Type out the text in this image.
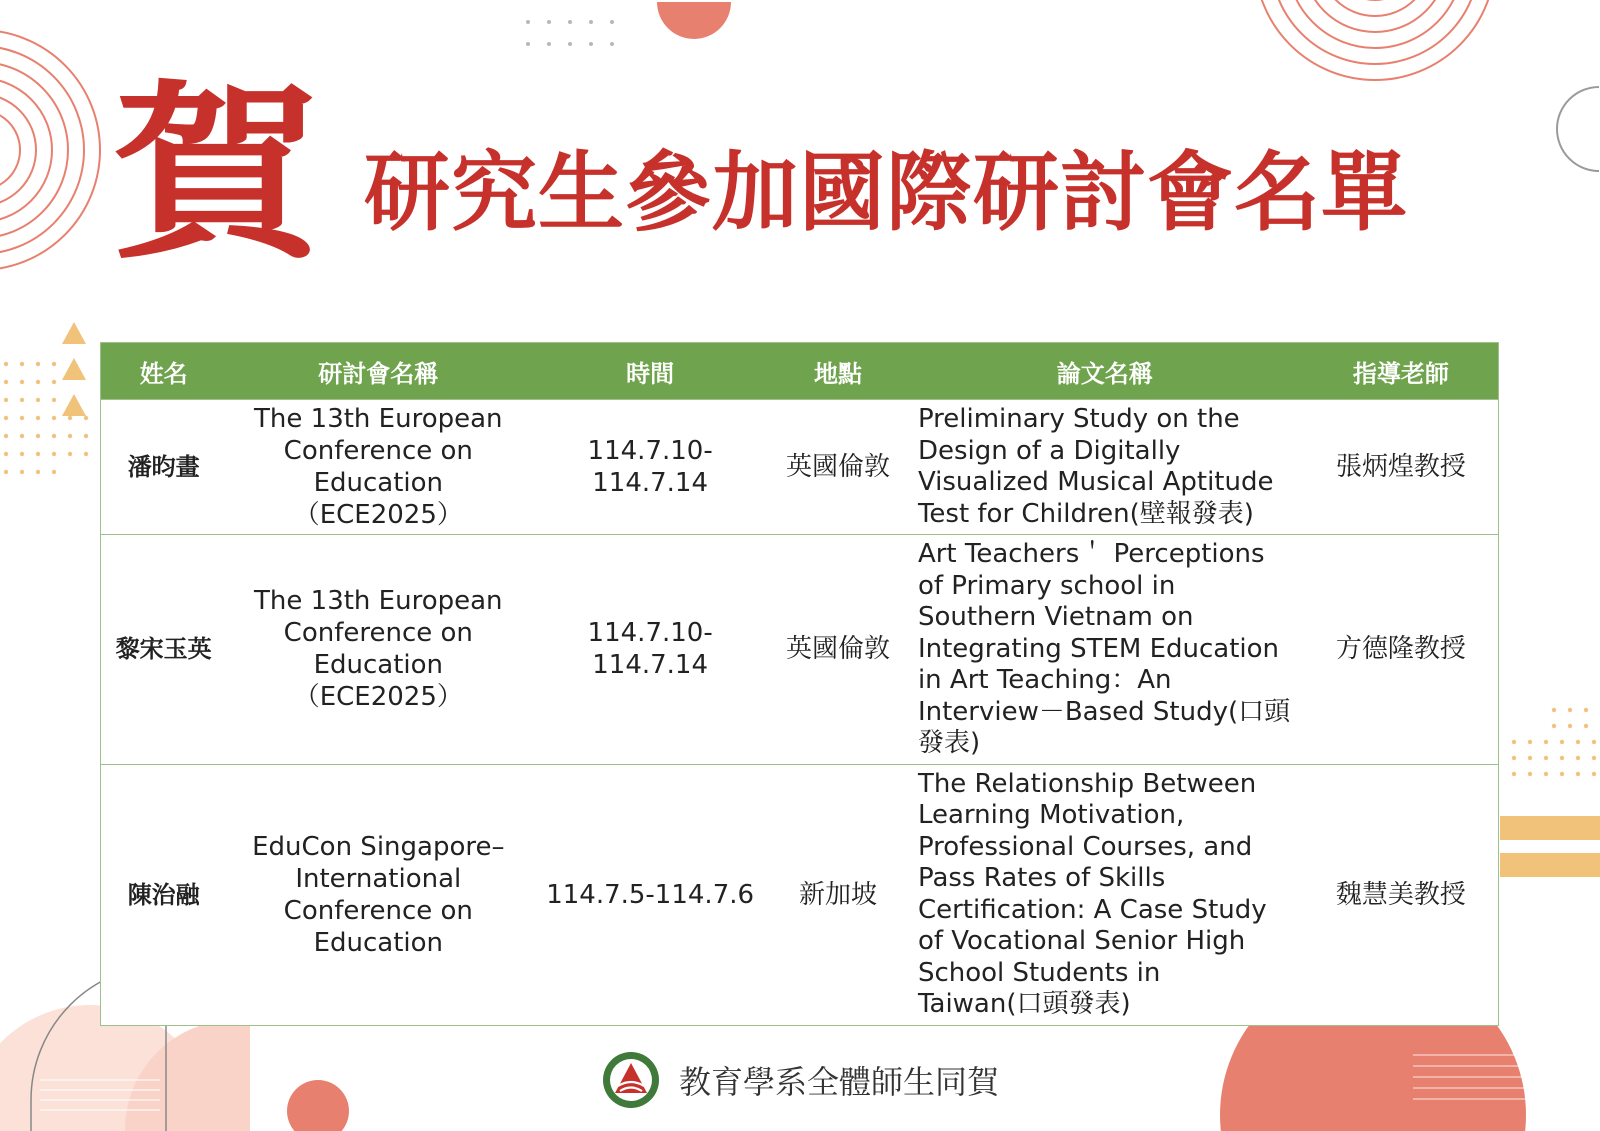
賀 研究生參加國際研討會名單
姓名	研討會名稱	時間	地點	論文名稱	指導老師
潘昀畫	The 13th European Conference on Education （ECE2025）	114.7.10-114.7.14	英國倫敦	Preliminary Study on the Design of a Digitally Visualized Musical Aptitude Test for Children(壁報發表)	張炳煌教授
黎宋玉英	The 13th European Conference on Education （ECE2025）	114.7.10-114.7.14	英國倫敦	Art Teachers＇ Perceptions of Primary school in Southern Vietnam on Integrating STEM Education in Art Teaching：An Interview－Based Study(口頭發表)	方德隆教授
陳治融	EduCon Singapore– International Conference on Education	114.7.5-114.7.6	新加坡	The Relationship Between Learning Motivation, Professional Courses, and Pass Rates of Skills Certification: A Case Study of Vocational Senior High School Students in Taiwan(口頭發表)	魏慧美教授
教育學系全體師生同賀
